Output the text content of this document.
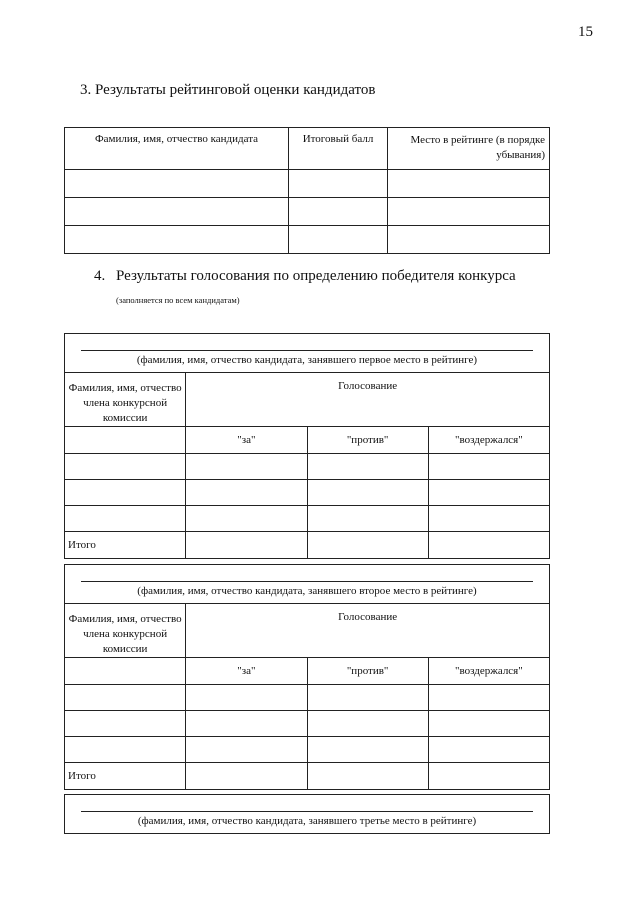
15
3. Результаты рейтинговой оценки кандидатов
Фамилия, имя, отчество кандидата	Итоговый балл	Место в рейтинге (в порядке убывания)

4. Результаты голосования по определению победителя конкурса
(заполняется по всем кандидатам)
(фамилия, имя, отчество кандидата, занявшего первое место в рейтинге)			

Фамилия, имя, отчество члена конкурсной комиссии	Голосование		
	"за"	"против"	"воздержался"

Итого			
(фамилия, имя, отчество кандидата, занявшего второе место в рейтинге)			

Фамилия, имя, отчество члена конкурсной комиссии	Голосование		
	"за"	"против"	"воздержался"

Итого			
(фамилия, имя, отчество кандидата, занявшего третье место в рейтинге)
